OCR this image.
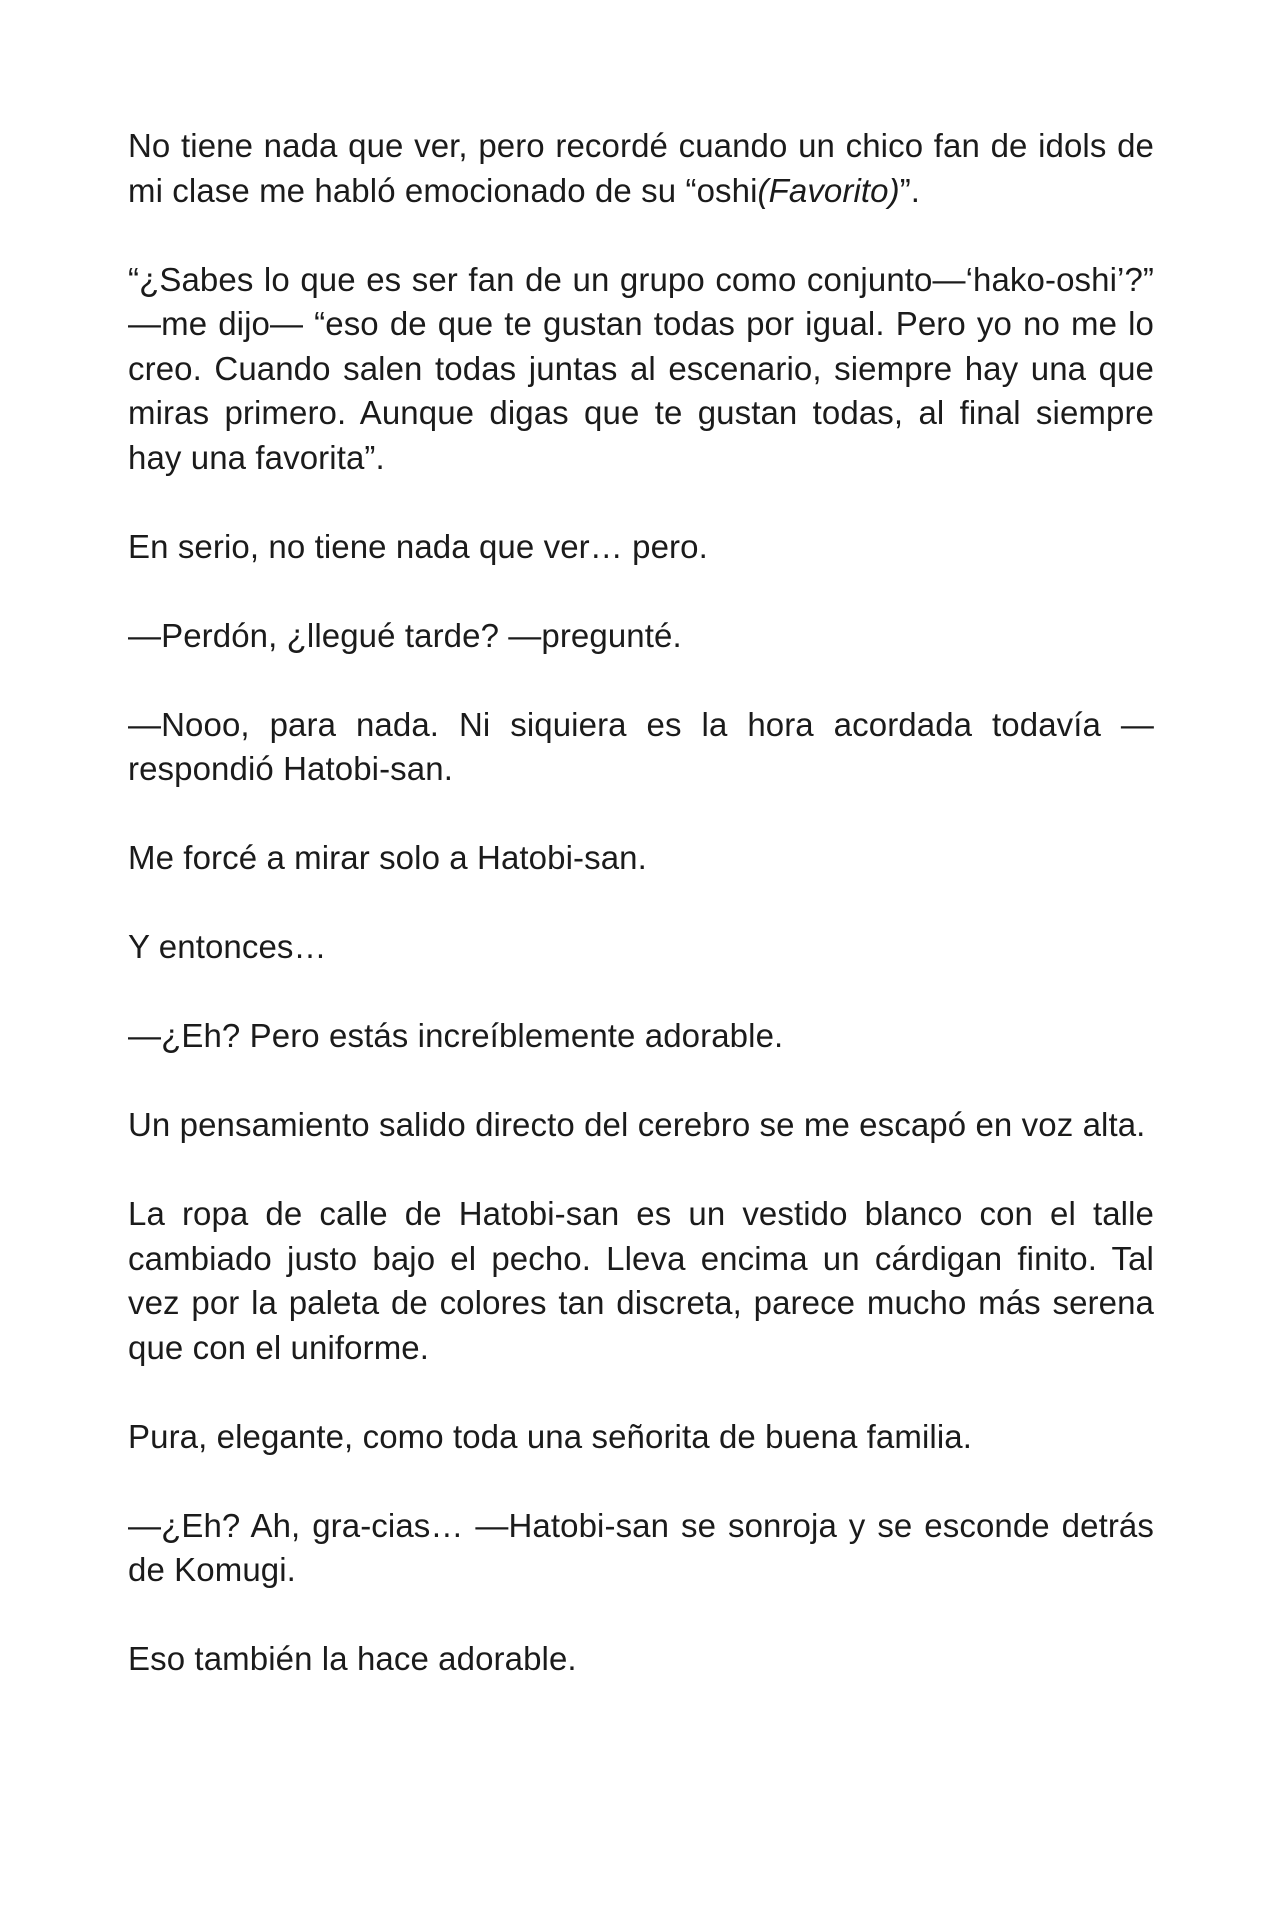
No tiene nada que ver, pero recordé cuando un chico fan de idols de mi clase me habló emocionado de su “oshi(Favorito)”.

“¿Sabes lo que es ser fan de un grupo como conjunto—‘hako-oshi’?” —me dijo— “eso de que te gustan todas por igual. Pero yo no me lo creo. Cuando salen todas juntas al escenario, siempre hay una que miras primero. Aunque digas que te gustan todas, al final siempre hay una favorita”.

En serio, no tiene nada que ver… pero.

—Perdón, ¿llegué tarde? —pregunté.

—Nooo, para nada. Ni siquiera es la hora acordada todavía —respondió Hatobi-san.

Me forcé a mirar solo a Hatobi-san.

Y entonces…

—¿Eh? Pero estás increíblemente adorable.

Un pensamiento salido directo del cerebro se me escapó en voz alta.

La ropa de calle de Hatobi-san es un vestido blanco con el talle cambiado justo bajo el pecho. Lleva encima un cárdigan finito. Tal vez por la paleta de colores tan discreta, parece mucho más serena que con el uniforme.

Pura, elegante, como toda una señorita de buena familia.

—¿Eh? Ah, gra-cias… —Hatobi-san se sonroja y se esconde detrás de Komugi.

Eso también la hace adorable.
